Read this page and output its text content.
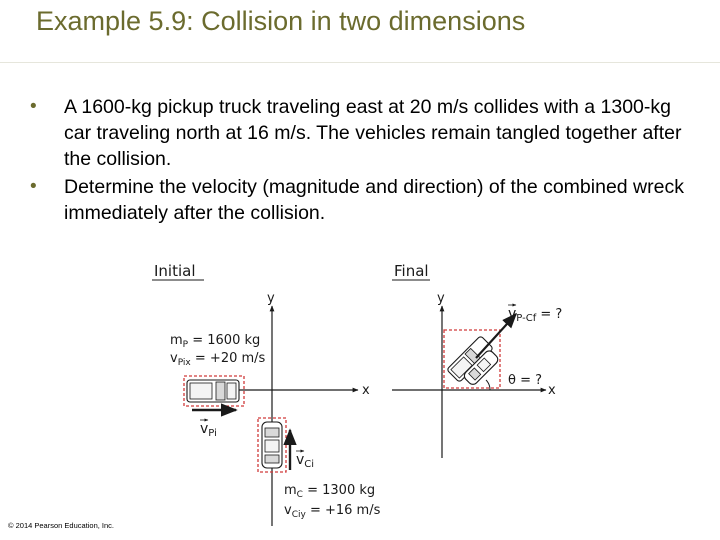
Example 5.9: Collision in two dimensions
• A 1600-kg pickup truck traveling east at 20 m/s collides with a 1300-kg car traveling north at 16 m/s. The vehicles remain tangled together after the collision.
• Determine the velocity (magnitude and direction) of the combined wreck immediately after the collision.
Initial	Final
y
x
$m_P = 1600$ kg
$v_{Pix} = +20$ m/s
$v_{Pi}$
$v_{Ci}$
$m_C = 1300$ kg
$v_{Ciy} = +16$ m/s
y
x
$v_{P-Cf}$ = ?
θ = ?
© 2014 Pearson Education, Inc.
